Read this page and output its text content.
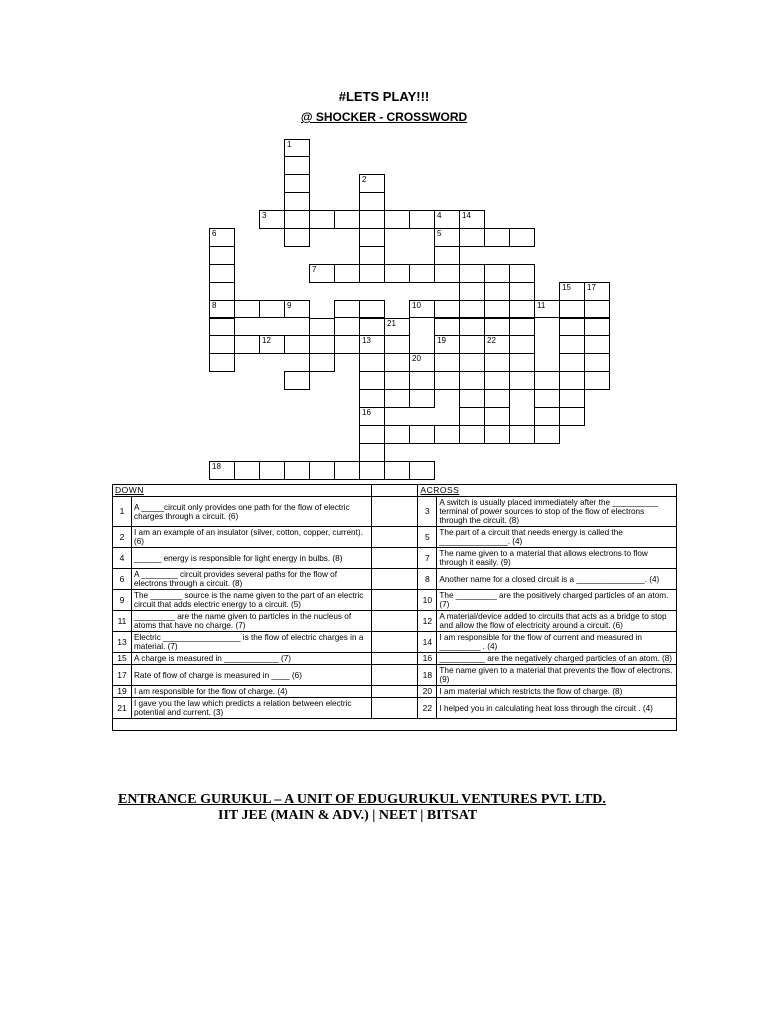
#LETS PLAY!!!
@ SHOCKER - CROSSWORD
1
2
3	4	14
6	5
8	9
21
12	13	19	22
16
18
15 17
7
10	11
20
DOWN			ACROSS	
1	A _____circuit only provides one path for the flow of electric charges through a circuit. (6)		3	A switch is usually placed immediately after the __________ terminal of power sources to stop of the flow of electrons through the circuit. (8)
2	I am an example of an insulator (silver, cotton, copper, current). (6)		5	The part of a circuit that needs energy is called the _______________. (4)
4	______ energy is responsible for light energy in bulbs. (8)		7	The name given to a material that allows electrons to flow through it easily. (9)
6	A ________ circuit provides several paths for the flow of electrons through a circuit. (8)		8	Another name for a closed circuit is a _______________. (4)
9	The _______ source is the name given to the part of an electric circuit that adds electric energy to a circuit. (5)		10	The _________ are the positively charged particles of an atom. (7)
11	_________ are the name given to particles in the nucleus of atoms that have no charge. (7)		12	A material/device added to circuits that acts as a bridge to stop and allow the flow of electricity around a circuit. (6)
13	Electric _________________ is the flow of electric charges in a material. (7)		14	I am responsible for the flow of current and measured in _________ . (4)
15	A charge is measured in ____________ (7)		16	__________ are the negatively charged particles of an atom. (8)
17	Rate of flow of charge is measured in ____ (6)		18	The name given to a material that prevents the flow of electrons. (9)
19	I am responsible for the flow of charge. (4)		20	I am material which restricts the flow of charge. (8)
21	I gave you the law which predicts a relation between electric potential and current. (3)		22	I helped you in calculating heat loss through the circuit . (4)

ENTRANCE GURUKUL – A UNIT OF EDUGURUKUL VENTURES PVT. LTD.
IIT JEE (MAIN & ADV.) | NEET | BITSAT
